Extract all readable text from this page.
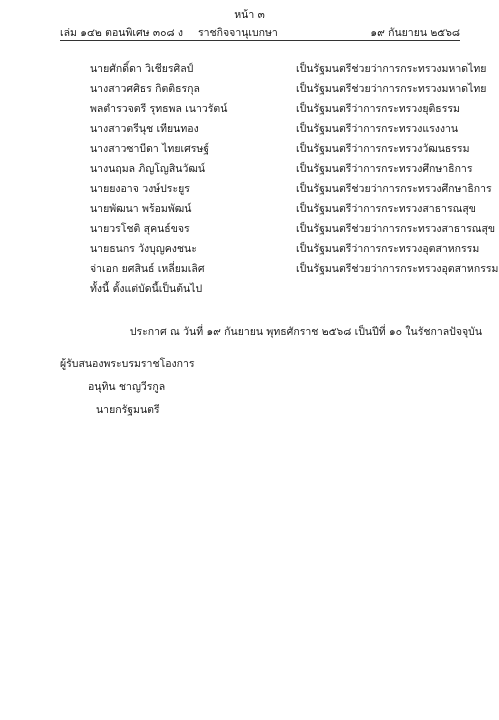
หน้า ๓
เล่ม ๑๔๒ ตอนพิเศษ ๓๐๘ ง ราชกิจจานุเบกษา	๑๙ กันยายน ๒๕๖๘
นายศักดิ์ดา วิเชียรศิลป์	เป็นรัฐมนตรีช่วยว่าการกระทรวงมหาดไทย
นางสาวศศิธร กิตติธรกุล	เป็นรัฐมนตรีช่วยว่าการกระทรวงมหาดไทย
พลตำรวจตรี รุทธพล เนาวรัตน์	เป็นรัฐมนตรีว่าการกระทรวงยุติธรรม
นางสาวตรีนุช เทียนทอง	เป็นรัฐมนตรีว่าการกระทรวงแรงงาน
นางสาวซาบีดา ไทยเศรษฐ์	เป็นรัฐมนตรีว่าการกระทรวงวัฒนธรรม
นางนฤมล ภิญโญสินวัฒน์	เป็นรัฐมนตรีว่าการกระทรวงศึกษาธิการ
นายยงอาจ วงษ์ประยูร	เป็นรัฐมนตรีช่วยว่าการกระทรวงศึกษาธิการ
นายพัฒนา พร้อมพัฒน์	เป็นรัฐมนตรีว่าการกระทรวงสาธารณสุข
นายวรโชติ สุคนธ์ขจร	เป็นรัฐมนตรีช่วยว่าการกระทรวงสาธารณสุข
นายธนกร วังบุญคงชนะ	เป็นรัฐมนตรีว่าการกระทรวงอุตสาหกรรม
จ่าเอก ยศสินธ์ เหลี่ยมเลิศ	เป็นรัฐมนตรีช่วยว่าการกระทรวงอุตสาหกรรม
ทั้งนี้ ตั้งแต่บัดนี้เป็นต้นไป
ประกาศ ณ วันที่ ๑๙ กันยายน พุทธศักราช ๒๕๖๘ เป็นปีที่ ๑๐ ในรัชกาลปัจจุบัน
ผู้รับสนองพระบรมราชโองการ
อนุทิน ชาญวีรกูล
นายกรัฐมนตรี
